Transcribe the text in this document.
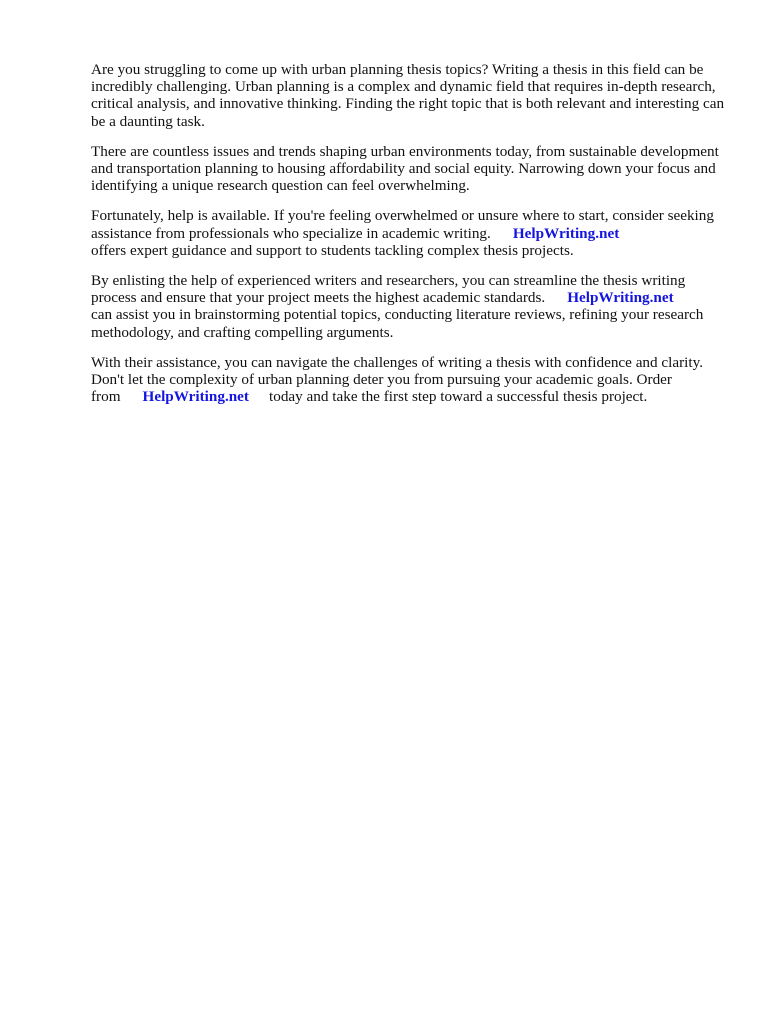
Are you struggling to come up with urban planning thesis topics? Writing a thesis in this field can be incredibly challenging. Urban planning is a complex and dynamic field that requires in-depth research, critical analysis, and innovative thinking. Finding the right topic that is both relevant and interesting can be a daunting task.

There are countless issues and trends shaping urban environments today, from sustainable development and transportation planning to housing affordability and social equity. Narrowing down your focus and identifying a unique research question can feel overwhelming.

Fortunately, help is available. If you're feeling overwhelmed or unsure where to start, consider seeking assistance from professionals who specialize in academic writing. HelpWriting.net
offers expert guidance and support to students tackling complex thesis projects.

By enlisting the help of experienced writers and researchers, you can streamline the thesis writing process and ensure that your project meets the highest academic standards. HelpWriting.net
can assist you in brainstorming potential topics, conducting literature reviews, refining your research methodology, and crafting compelling arguments.

With their assistance, you can navigate the challenges of writing a thesis with confidence and clarity. Don't let the complexity of urban planning deter you from pursuing your academic goals. Order from HelpWriting.net today and take the first step toward a successful thesis project.
